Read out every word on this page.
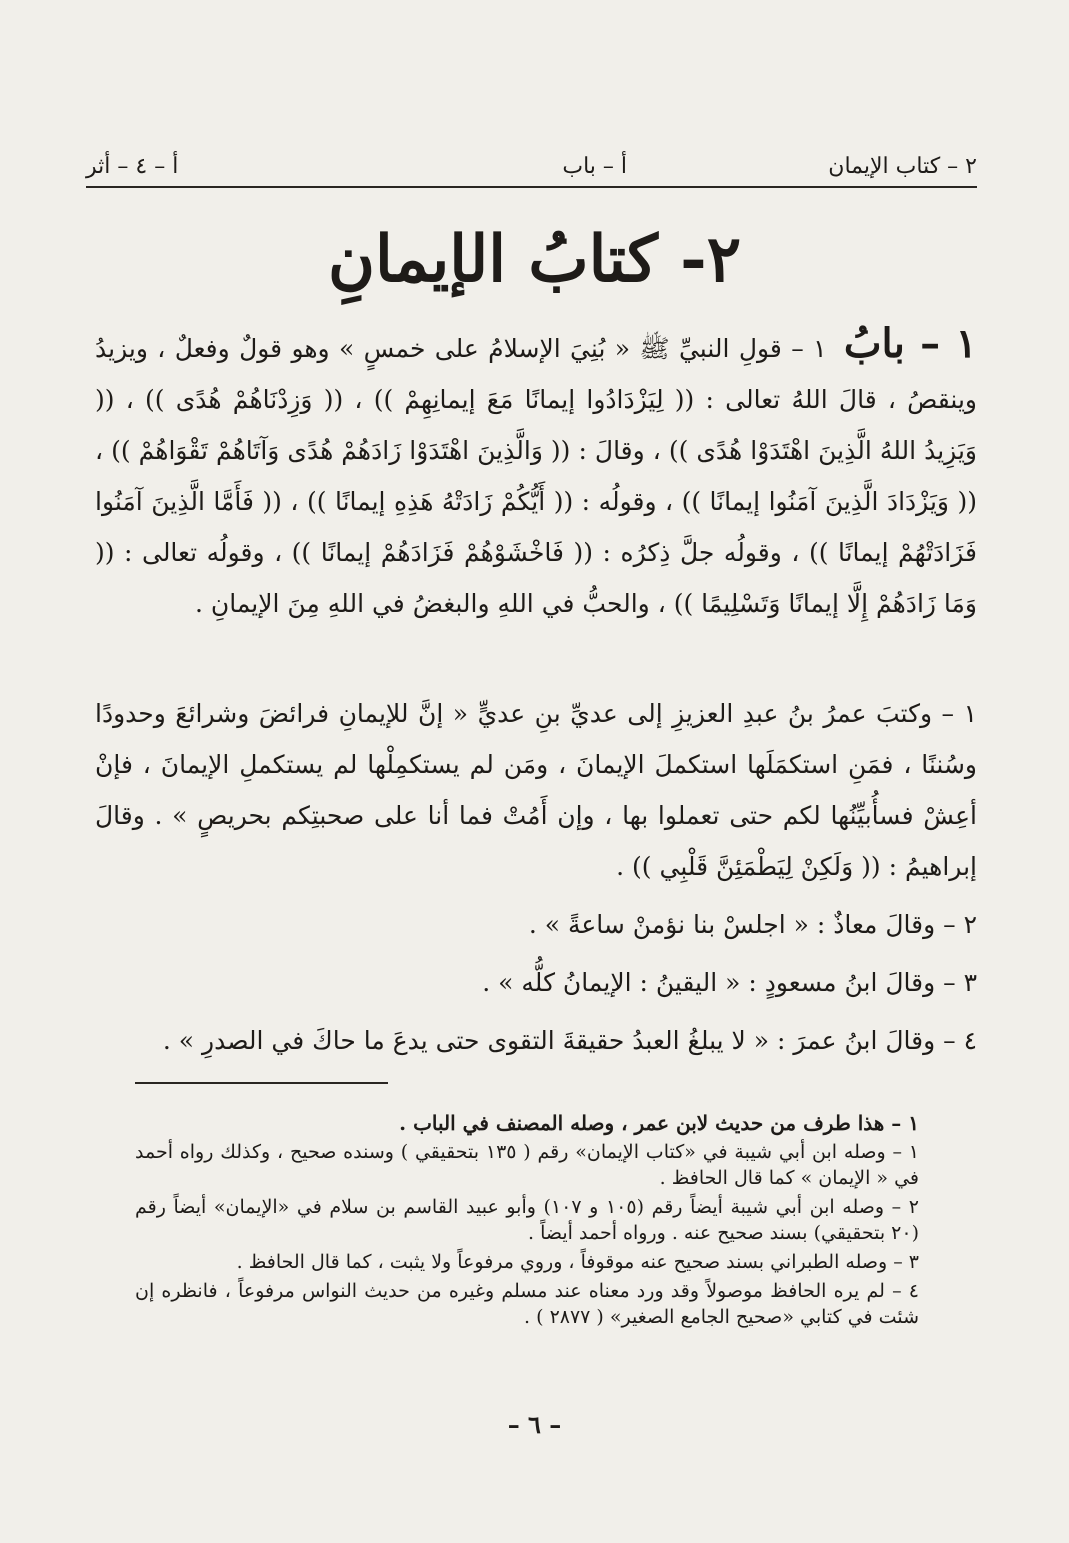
٢ – كتاب الإيمان
أ – باب
أ – ٤ – أثر
٢- كتابُ الإيمانِ

١ – بابُ ١ – قولِ النبيِّ ﷺ « بُنِيَ الإسلامُ على خمسٍ » وهو قولٌ وفعلٌ ، ويزيدُ وينقصُ ، قالَ اللهُ تعالى : (( لِيَزْدَادُوا إيمانًا مَعَ إيمانِهِمْ )) ، (( وَزِدْنَاهُمْ هُدًى )) ، (( وَيَزِيدُ اللهُ الَّذِينَ اهْتَدَوْا هُدًى )) ، وقالَ : (( وَالَّذِينَ اهْتَدَوْا زَادَهُمْ هُدًى وَآتَاهُمْ تَقْوَاهُمْ )) ، (( وَيَزْدَادَ الَّذِينَ آمَنُوا إيمانًا )) ، وقولُه : (( أَيُّكُمْ زَادَتْهُ هَذِهِ إيمانًا )) ، (( فَأَمَّا الَّذِينَ آمَنُوا فَزَادَتْهُمْ إيمانًا )) ، وقولُه جلَّ ذِكرُه : (( فَاخْشَوْهُمْ فَزَادَهُمْ إيمانًا )) ، وقولُه تعالى : (( وَمَا زَادَهُمْ إِلَّا إيمانًا وَتَسْلِيمًا )) ، والحبُّ في اللهِ والبغضُ في اللهِ مِنَ الإيمانِ .

١ – وكتبَ عمرُ بنُ عبدِ العزيزِ إلى عديِّ بنِ عديٍّ « إنَّ للإيمانِ فرائضَ وشرائعَ وحدودًا وسُننًا ، فمَنِ استكمَلَها استكملَ الإيمانَ ، ومَن لم يستكمِلْها لم يستكملِ الإيمانَ ، فإنْ أعِشْ فسأُبيِّنُها لكم حتى تعملوا بها ، وإن أَمُتْ فما أنا على صحبتِكم بحريصٍ » . وقالَ إبراهيمُ : (( وَلَكِنْ لِيَطْمَئِنَّ قَلْبِي )) .

٢ – وقالَ معاذٌ : « اجلسْ بنا نؤمنْ ساعةً » .

٣ – وقالَ ابنُ مسعودٍ : « اليقينُ : الإيمانُ كلُّه » .

٤ – وقالَ ابنُ عمرَ : « لا يبلغُ العبدُ حقيقةَ التقوى حتى يدعَ ما حاكَ في الصدرِ » .

١ – هذا طرف من حديث لابن عمر ، وصله المصنف في الباب .

١ – وصله ابن أبي شيبة في «كتاب الإيمان» رقم ( ١٣٥ بتحقيقي ) وسنده صحيح ، وكذلك رواه أحمد في « الإيمان » كما قال الحافظ .

٢ – وصله ابن أبي شيبة أيضاً رقم (١٠٥ و ١٠٧) وأبو عبيد القاسم بن سلام في «الإيمان» أيضاً رقم (٢٠ بتحقيقي) بسند صحيح عنه . ورواه أحمد أيضاً .

٣ – وصله الطبراني بسند صحيح عنه موقوفاً ، وروي مرفوعاً ولا يثبت ، كما قال الحافظ .

٤ – لم يره الحافظ موصولاً وقد ورد معناه عند مسلم وغيره من حديث النواس مرفوعاً ، فانظره إن شئت في كتابي «صحيح الجامع الصغير» ( ٢٨٧٧ ) .

– ٦ –
